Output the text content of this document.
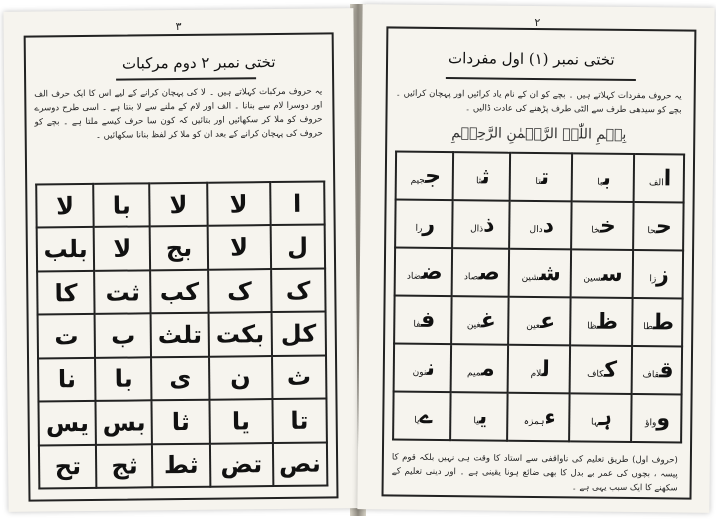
٣
تختی نمبر ۲ دوم مرکبات
یہ حروف مرکبات کہلاتے ہیں ۔ لا کی پہچان کرانے کے لیے اس کا ایک حرف الف اور دوسرا لام سے بنانا ۔ الف اور لام کے ملنے سے لا بنتا ہے ۔ اسی طرح دوسرے حروف کو ملا کر سکھائیں اور بتائیں کہ کون سا حرف کیسے ملتا ہے ۔ بچے کو حروف کی پہچان کرانے کے بعد ان کو ملا کر لفظ بنانا سکھائیں ۔
لا	با	لا	لا	ا
بلب	لا	بج	لا	ل
کا	ثت	کب	ک	ک
ت	ب	تلث	بکت	کل
نا	با	ی	ن	ث
یس	بس	ثا	یا	تا
تح	ثج	ثط	تض	نص
۲
تختی نمبر (۱) اول مفردات
یہ حروف مفردات کہلاتے ہیں ۔ بچے کو ان کے نام یاد کرائیں اور پہچان کرائیں ۔ بچے کو سیدھی طرف سے الٹی طرف پڑھنے کی عادت ڈالیں ۔
بِسۡمِ اللّٰہِ الرَّحۡمٰنِ الرَّحِیۡمِ
ججیم	ثثا	تتا	ببا	االف
ررا	ذذال	ددال	خخا	ححا
ضضاد	صصاد	ششین	سسین	ززا
ففا	غغین	ععین	ظظا	ططا
ننون	ممیم	للام	ککاف	ققاف
ےیا	ییا	ءہمزہ	ہہا	وواؤ
(حروف اول) طریق تعلیم کی ناواقفی سے استاد کا وقت ہی نہیں بلکہ قوم کا پیسہ ، بچوں کی عمر بے بدل کا بھی ضائع ہونا یقینی ہے ۔ اور دینی تعلیم کے سکھنے کا ایک سبب یہی ہے ۔
